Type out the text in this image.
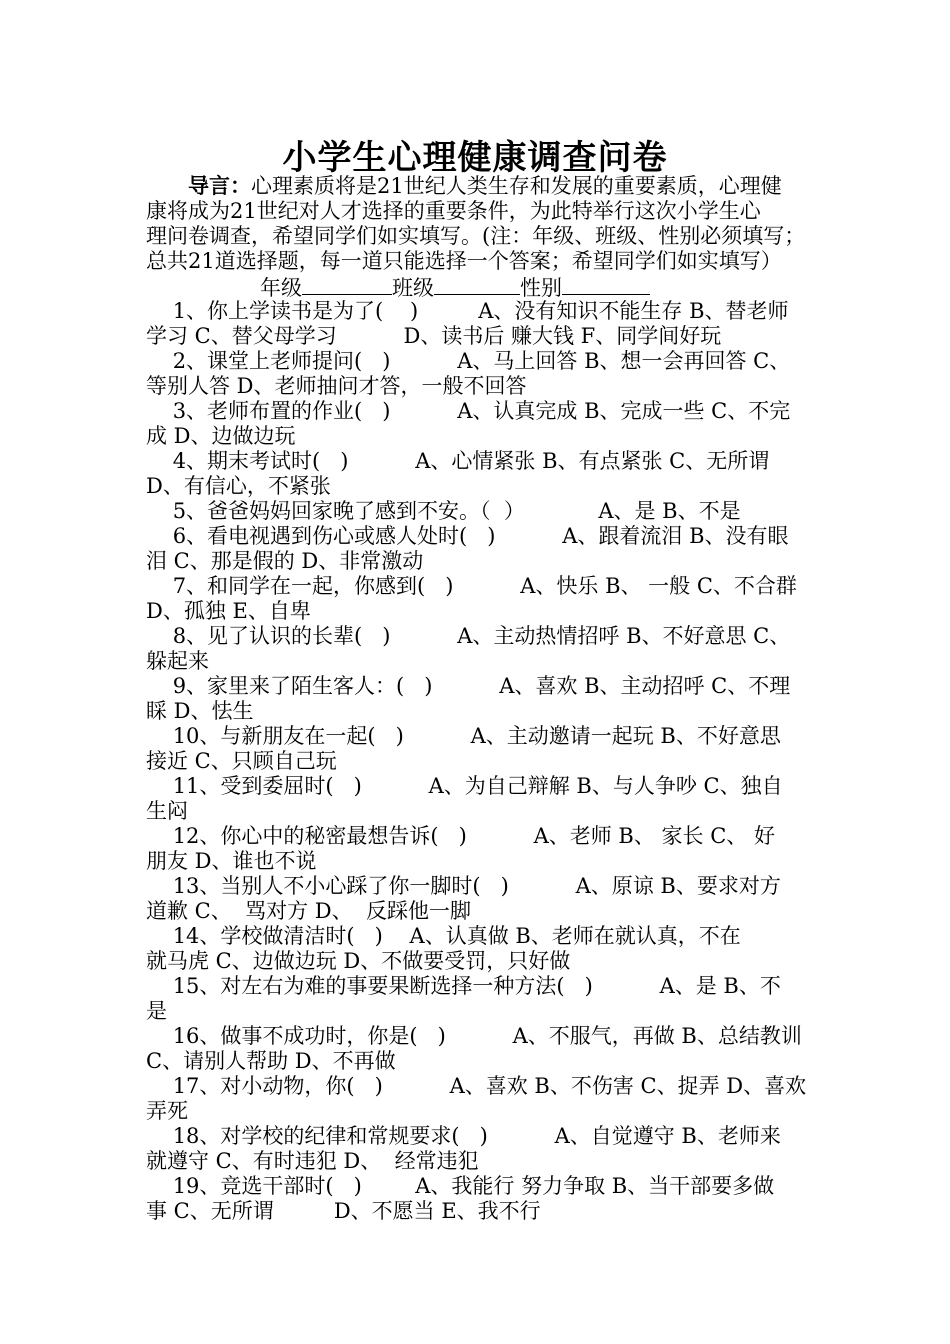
小学生心理健康调查问卷
导言：心理素质将是21世纪人类生存和发展的重要素质，心理健
康将成为21世纪对人才选择的重要条件，为此特举行这次小学生心
理问卷调查，希望同学们如实填写。(注：年级、班级、性别必须填写；
总共21道选择题，每一道只能选择一个答案；希望同学们如实填写）
年级	班级	性别
1、你上学读书是为了(    )         A、没有知识不能生存 B、替老师
学习 C、替父母学习          D、读书后 赚大钱 F、同学间好玩
2、课堂上老师提问(   )          A、马上回答 B、想一会再回答 C、
等别人答 D、老师抽问才答，一般不回答
3、老师布置的作业(   )          A、认真完成 B、完成一些 C、不完
成 D、边做边玩
4、期末考试时(   )          A、心情紧张 B、有点紧张 C、无所谓
D、有信心，不紧张
5、爸爸妈妈回家晚了感到不安。（  ）           A、是 B、不是
6、看电视遇到伤心或感人处时(   )          A、跟着流泪 B、没有眼
泪 C、那是假的 D、非常激动
7、和同学在一起，你感到(   )          A、快乐 B、 一般 C、不合群
D、孤独 E、自卑
8、见了认识的长辈(   )          A、主动热情招呼 B、不好意思 C、
躲起来
9、家里来了陌生客人：(   )          A、喜欢 B、主动招呼 C、不理
睬 D、怯生
10、与新朋友在一起(   )          A、主动邀请一起玩 B、不好意思
接近 C、只顾自己玩
11、受到委屈时(   )          A、为自己辩解 B、与人争吵 C、独自
生闷
12、你心中的秘密最想告诉(   )          A、老师 B、 家长 C、 好
朋友 D、谁也不说
13、当别人不小心踩了你一脚时(   )          A、原谅 B、要求对方
道歉 C、  骂对方 D、  反踩他一脚
14、学校做清洁时(   )    A、认真做 B、老师在就认真，不在
就马虎 C、边做边玩 D、不做要受罚，只好做
15、对左右为难的事要果断选择一种方法(   )          A、是 B、不
是
16、做事不成功时，你是(   )          A、不服气，再做 B、总结教训
C、请别人帮助 D、不再做
17、对小动物，你(   )          A、喜欢 B、不伤害 C、捉弄 D、喜欢
弄死
18、对学校的纪律和常规要求(   )          A、自觉遵守 B、老师来
就遵守 C、有时违犯 D、  经常违犯
19、竞选干部时(   )        A、我能行 努力争取 B、当干部要多做
事 C、无所谓         D、不愿当 E、我不行
